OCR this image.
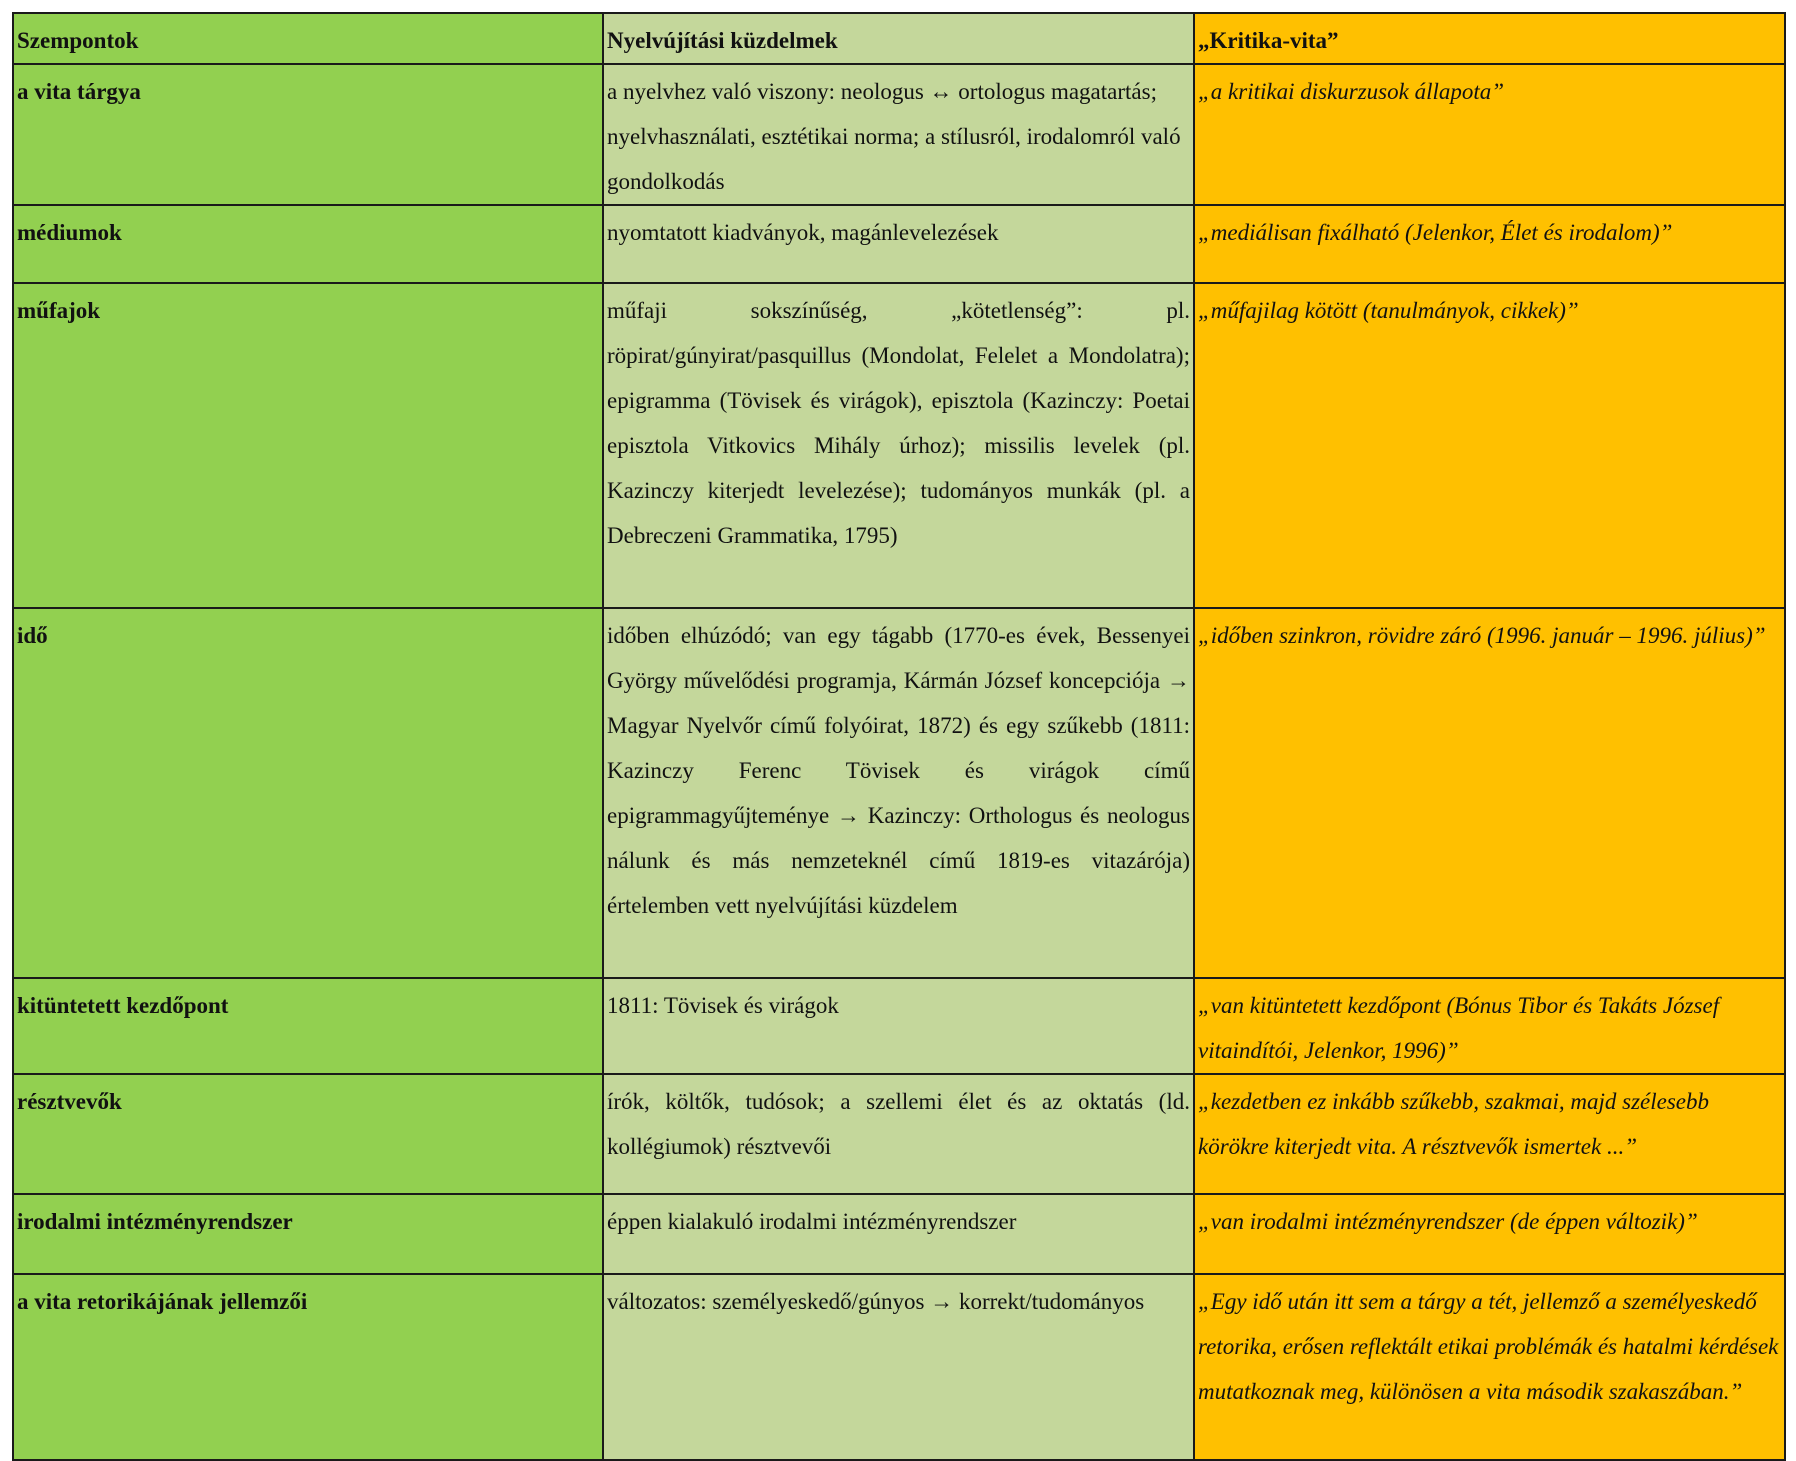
Szempontok	Nyelvújítási küzdelmek	„Kritika-vita”
a vita tárgya	a nyelvhez való viszony: neologus ↔ ortologus magatartás; nyelvhasználati, esztétikai norma; a stílusról, irodalomról való gondolkodás	„a kritikai diskurzusok állapota”
médiumok	nyomtatott kiadványok, magánlevelezések	„mediálisan fixálható (Jelenkor, Élet és irodalom)”
műfajok	műfaji sokszínűség, „kötetlenség”: pl. röpirat/gúnyirat/pasquillus (Mondolat, Felelet a Mondolatra); epigramma (Tövisek és virágok), episztola (Kazinczy: Poetai episztola Vitkovics Mihály úrhoz); missilis levelek (pl. Kazinczy kiterjedt levelezése); tudományos munkák (pl. a Debreczeni Grammatika, 1795)	„műfajilag kötött (tanulmányok, cikkek)”
idő	időben elhúzódó; van egy tágabb (1770-es évek, Bessenyei György művelődési programja, Kármán József koncepciója → Magyar Nyelvőr című folyóirat, 1872) és egy szűkebb (1811: Kazinczy Ferenc Tövisek és virágok című epigrammagyűjteménye → Kazinczy: Orthologus és neologus nálunk és más nemzeteknél című 1819-es vitazárója) értelemben vett nyelvújítási küzdelem	„időben szinkron, rövidre záró (1996. január – 1996. július)”
kitüntetett kezdőpont	1811: Tövisek és virágok	„van kitüntetett kezdőpont (Bónus Tibor és Takáts József vitaindítói, Jelenkor, 1996)”
résztvevők	írók, költők, tudósok; a szellemi élet és az oktatás (ld. kollégiumok) résztvevői	„kezdetben ez inkább szűkebb, szakmai, majd szélesebb körökre kiterjedt vita. A résztvevők ismertek ...”
irodalmi intézményrendszer	éppen kialakuló irodalmi intézményrendszer	„van irodalmi intézményrendszer (de éppen változik)”
a vita retorikájának jellemzői	változatos: személyeskedő/gúnyos → korrekt/tudományos	„Egy idő után itt sem a tárgy a tét, jellemző a személyeskedő retorika, erősen reflektált etikai problémák és hatalmi kérdések mutatkoznak meg, különösen a vita második szakaszában.”
